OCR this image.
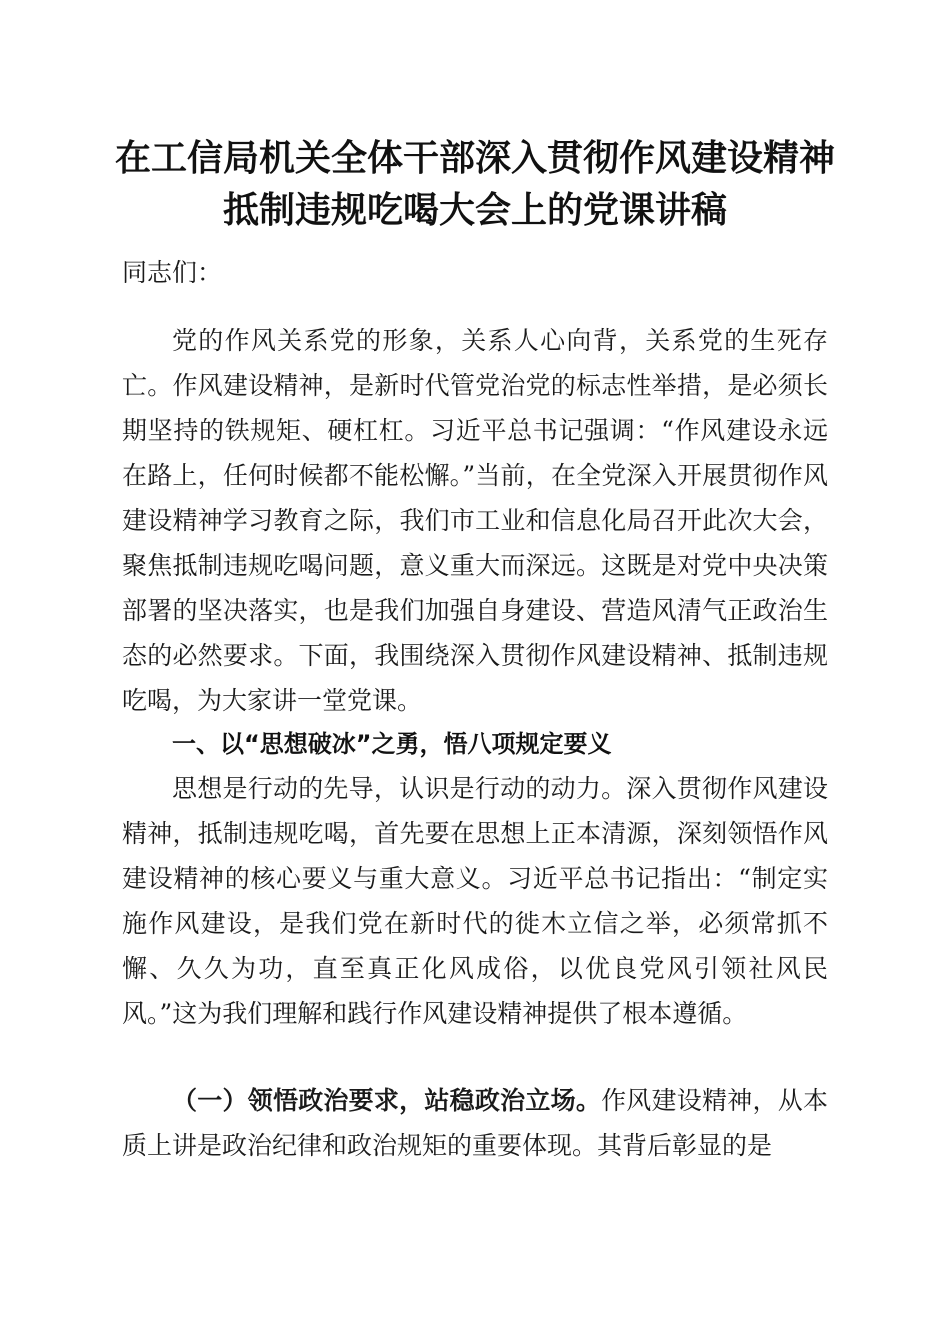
在工信局机关全体干部深入贯彻作风建设精神
抵制违规吃喝大会上的党课讲稿
同志们：
党的作风关系党的形象，关系人心向背，关系党的生死存亡。作风建设精神，是新时代管党治党的标志性举措，是必须长期坚持的铁规矩、硬杠杠。习近平总书记强调：“作风建设永远在路上，任何时候都不能松懈。”当前，在全党深入开展贯彻作风建设精神学习教育之际，我们市工业和信息化局召开此次大会，聚焦抵制违规吃喝问题，意义重大而深远。这既是对党中央决策部署的坚决落实，也是我们加强自身建设、营造风清气正政治生态的必然要求。下面，我围绕深入贯彻作风建设精神、抵制违规吃喝，为大家讲一堂党课。
一、以“思想破冰”之勇，悟八项规定要义
思想是行动的先导，认识是行动的动力。深入贯彻作风建设精神，抵制违规吃喝，首先要在思想上正本清源，深刻领悟作风建设精神的核心要义与重大意义。习近平总书记指出：“制定实施作风建设，是我们党在新时代的徙木立信之举，必须常抓不懈、久久为功，直至真正化风成俗，以优良党风引领社风民风。”这为我们理解和践行作风建设精神提供了根本遵循。
（一）领悟政治要求，站稳政治立场。作风建设精神，从本质上讲是政治纪律和政治规矩的重要体现。其背后彰显的是
